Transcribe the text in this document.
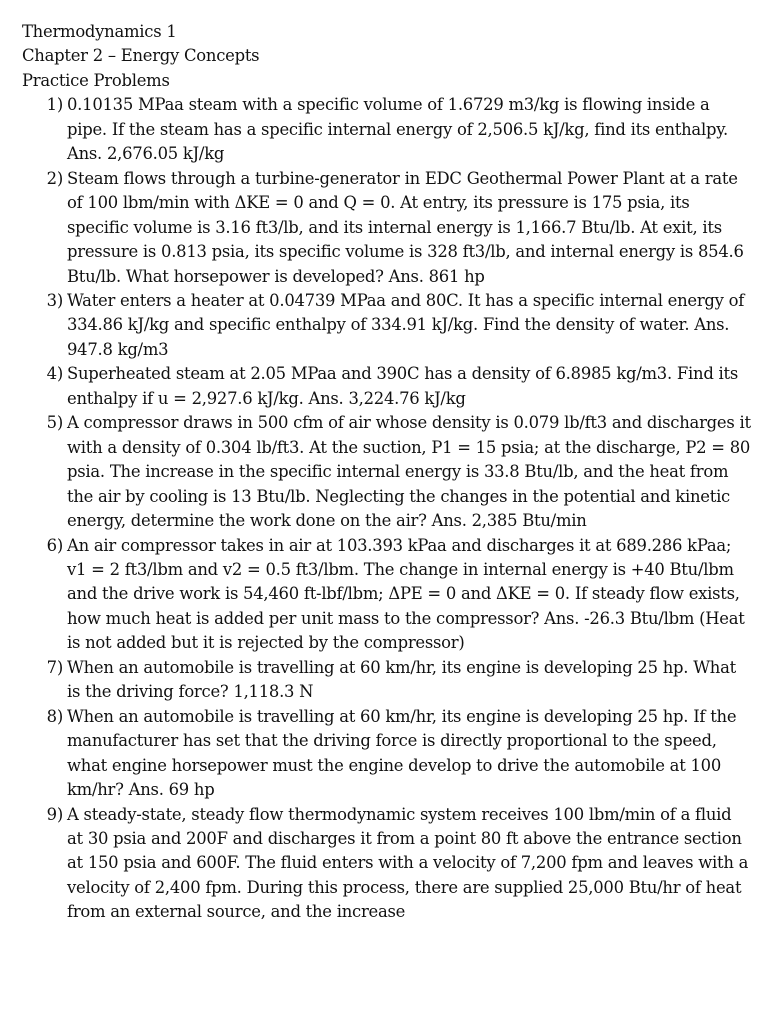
Thermodynamics 1
Chapter 2 – Energy Concepts
Practice Problems
1) 0.10135 MPaa steam with a specific volume of 1.6729 m3/kg is flowing inside a pipe. If the steam has a specific internal energy of 2,506.5 kJ/kg, find its enthalpy. Ans. 2,676.05 kJ/kg
2) Steam flows through a turbine-generator in EDC Geothermal Power Plant at a rate of 100 lbm/min with ΔKE = 0 and Q = 0. At entry, its pressure is 175 psia, its specific volume is 3.16 ft3/lb, and its internal energy is 1,166.7 Btu/lb. At exit, its pressure is 0.813 psia, its specific volume is 328 ft3/lb, and internal energy is 854.6 Btu/lb. What horsepower is developed? Ans. 861 hp
3) Water enters a heater at 0.04739 MPaa and 80C. It has a specific internal energy of 334.86 kJ/kg and specific enthalpy of 334.91 kJ/kg. Find the density of water. Ans. 947.8 kg/m3
4) Superheated steam at 2.05 MPaa and 390C has a density of 6.8985 kg/m3. Find its enthalpy if u = 2,927.6 kJ/kg. Ans. 3,224.76 kJ/kg
5) A compressor draws in 500 cfm of air whose density is 0.079 lb/ft3 and discharges it with a density of 0.304 lb/ft3. At the suction, P1 = 15 psia; at the discharge, P2 = 80 psia. The increase in the specific internal energy is 33.8 Btu/lb, and the heat from the air by cooling is 13 Btu/lb. Neglecting the changes in the potential and kinetic energy, determine the work done on the air? Ans. 2,385 Btu/min
6) An air compressor takes in air at 103.393 kPaa and discharges it at 689.286 kPaa; v1 = 2 ft3/lbm and v2 = 0.5 ft3/lbm. The change in internal energy is +40 Btu/lbm and the drive work is 54,460 ft-lbf/lbm; ΔPE = 0 and ΔKE = 0. If steady flow exists, how much heat is added per unit mass to the compressor? Ans. -26.3 Btu/lbm (Heat is not added but it is rejected by the compressor)
7) When an automobile is travelling at 60 km/hr, its engine is developing 25 hp. What is the driving force? 1,118.3 N
8) When an automobile is travelling at 60 km/hr, its engine is developing 25 hp. If the manufacturer has set that the driving force is directly proportional to the speed, what engine horsepower must the engine develop to drive the automobile at 100 km/hr? Ans. 69 hp
9) A steady-state, steady flow thermodynamic system receives 100 lbm/min of a fluid at 30 psia and 200F and discharges it from a point 80 ft above the entrance section at 150 psia and 600F. The fluid enters with a velocity of 7,200 fpm and leaves with a velocity of 2,400 fpm. During this process, there are supplied 25,000 Btu/hr of heat from an external source, and the increase
